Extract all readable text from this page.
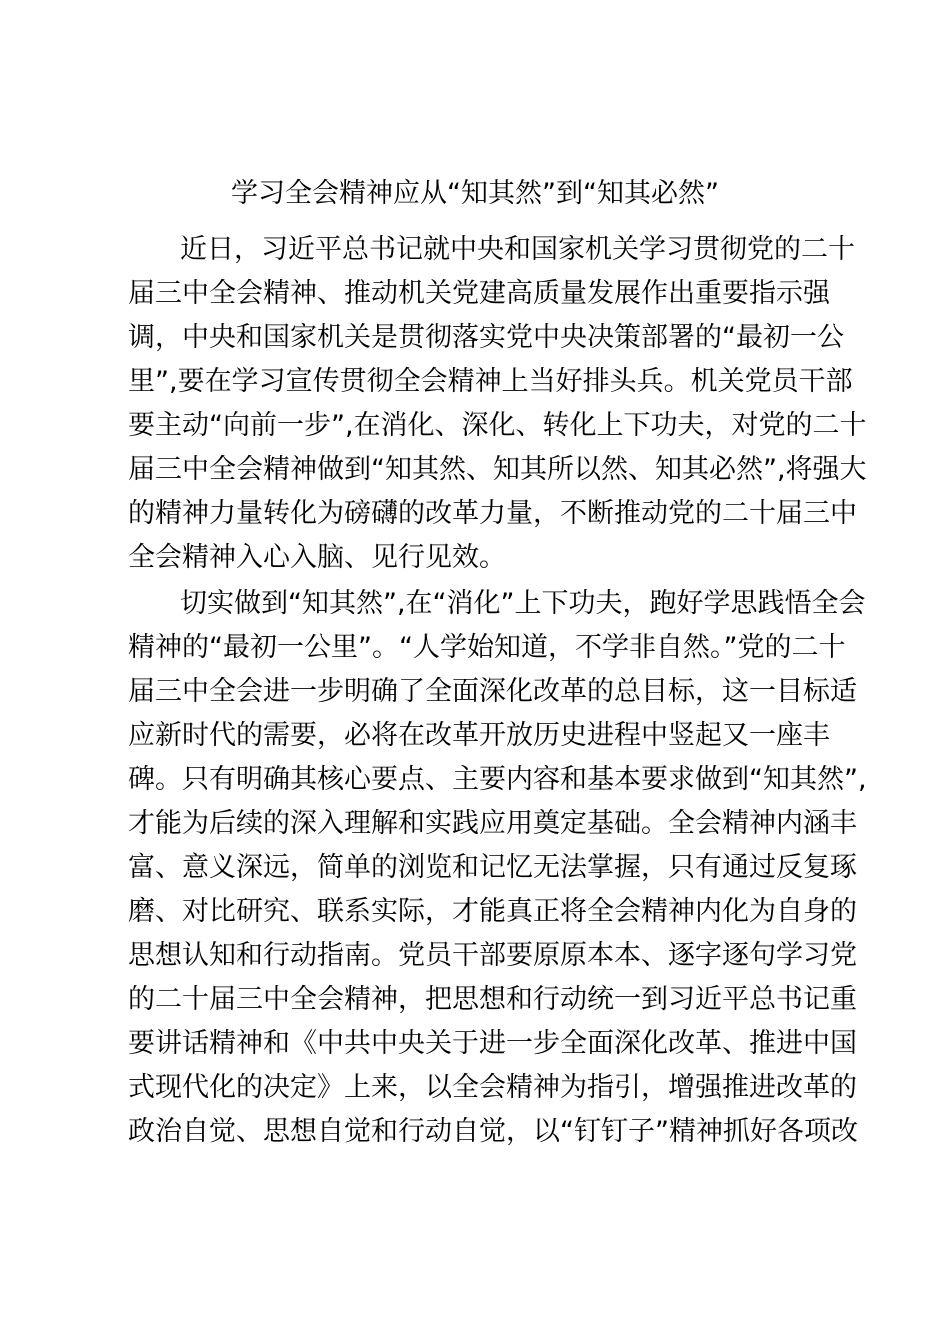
学习全会精神应从“知其然”到“知其必然”

近日，习近平总书记就中央和国家机关学习贯彻党的二十

届三中全会精神、推动机关党建高质量发展作出重要指示强

调，中央和国家机关是贯彻落实党中央决策部署的“最初一公

里”,要在学习宣传贯彻全会精神上当好排头兵。机关党员干部

要主动“向前一步”,在消化、深化、转化上下功夫，对党的二十

届三中全会精神做到“知其然、知其所以然、知其必然”,将强大

的精神力量转化为磅礴的改革力量，不断推动党的二十届三中

全会精神入心入脑、见行见效。

切实做到“知其然”,在“消化”上下功夫，跑好学思践悟全会

精神的“最初一公里”。“人学始知道，不学非自然。”党的二十

届三中全会进一步明确了全面深化改革的总目标，这一目标适

应新时代的需要，必将在改革开放历史进程中竖起又一座丰

碑。只有明确其核心要点、主要内容和基本要求做到“知其然”,

才能为后续的深入理解和实践应用奠定基础。全会精神内涵丰

富、意义深远，简单的浏览和记忆无法掌握，只有通过反复琢

磨、对比研究、联系实际，才能真正将全会精神内化为自身的

思想认知和行动指南。党员干部要原原本本、逐字逐句学习党

的二十届三中全会精神，把思想和行动统一到习近平总书记重

要讲话精神和《中共中央关于进一步全面深化改革、推进中国

式现代化的决定》上来，以全会精神为指引，增强推进改革的

政治自觉、思想自觉和行动自觉，以“钉钉子”精神抓好各项改
